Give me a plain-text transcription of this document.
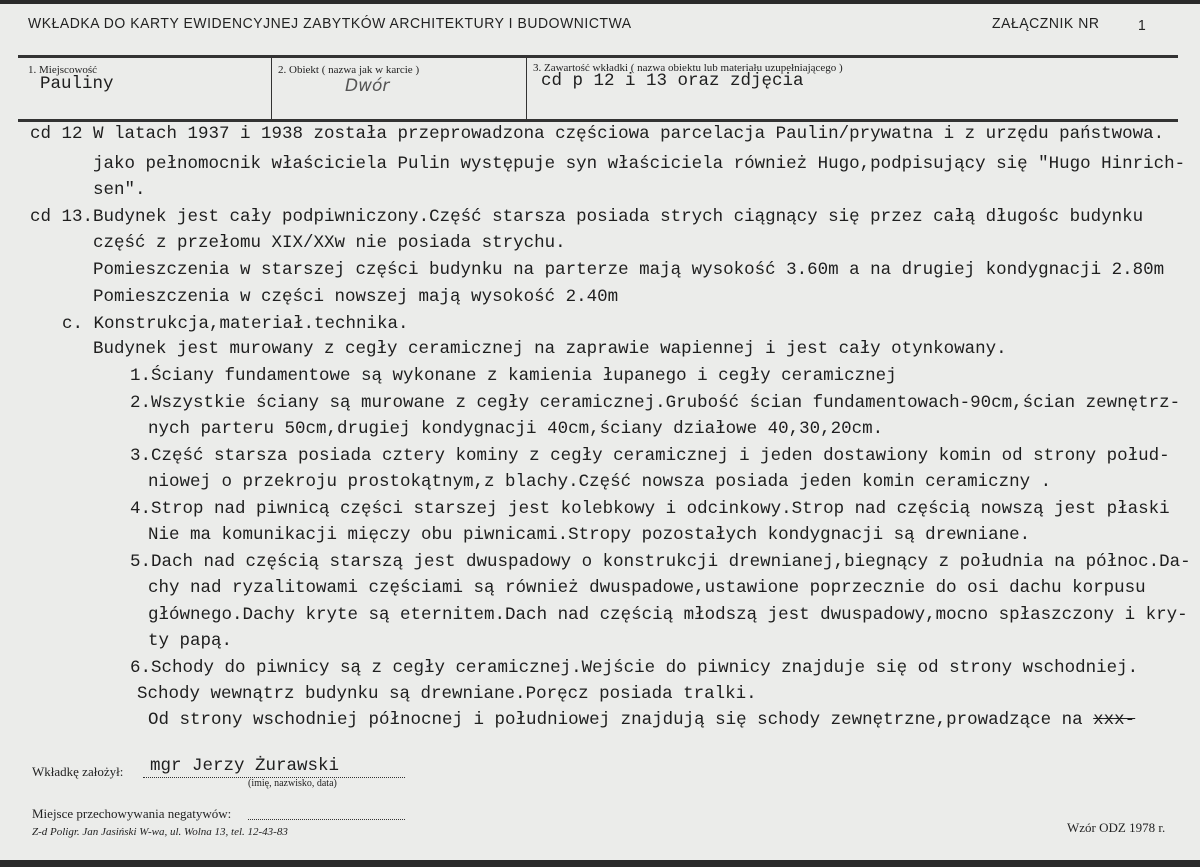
WKŁADKA DO KARTY EWIDENCYJNEJ ZABYTKÓW ARCHITEKTURY I BUDOWNICTWA	ZAŁĄCZNIK NR	1
1. Miejscowość
Pauliny
2. Obiekt ( nazwa jak w karcie )
Dwór
3. Zawartość wkładki ( nazwa obiektu lub materiału uzupełniającego )
cd p 12 i 13 oraz zdjęcia
cd 12 W latach 1937 i 1938 została przeprowadzona częściowa parcelacja Paulin/prywatna i z urzędu państwowa.
jako pełnomocnik właściciela Pulin występuje syn właściciela również Hugo,podpisujący się "Hugo Hinrich-
sen".
cd 13.Budynek jest cały podpiwniczony.Część starsza posiada strych ciągnący się przez całą długośc budynku
część z przełomu XIX/XXw nie posiada strychu.
Pomieszczenia w starszej części budynku na parterze mają wysokość 3.60m a na drugiej kondygnacji 2.80m
Pomieszczenia w części nowszej mają wysokość 2.40m
c. Konstrukcja,materiał.technika.
Budynek jest murowany z cegły ceramicznej na zaprawie wapiennej i jest cały otynkowany.
1.Ściany fundamentowe są wykonane z kamienia łupanego i cegły ceramicznej
2.Wszystkie ściany są murowane z cegły ceramicznej.Grubość ścian fundamentowach-90cm,ścian zewnętrz-
nych parteru 50cm,drugiej kondygnacji 40cm,ściany działowe 40,30,20cm.
3.Część starsza posiada cztery kominy z cegły ceramicznej i jeden dostawiony komin od strony połud-
niowej o przekroju prostokątnym,z blachy.Część nowsza posiada jeden komin ceramiczny .
4.Strop nad piwnicą części starszej jest kolebkowy i odcinkowy.Strop nad częścią nowszą jest płaski
Nie ma komunikacji mięczy obu piwnicami.Stropy pozostałych kondygnacji są drewniane.
5.Dach nad częścią starszą jest dwuspadowy o konstrukcji drewnianej,biegnący z południa na północ.Da-
chy nad ryzalitowami częściami są również dwuspadowe,ustawione poprzecznie do osi dachu korpusu
głównego.Dachy kryte są eternitem.Dach nad częścią młodszą jest dwuspadowy,mocno spłaszczony i kry-
ty papą.
6.Schody do piwnicy są z cegły ceramicznej.Wejście do piwnicy znajduje się od strony wschodniej.
Schody wewnątrz budynku są drewniane.Poręcz posiada tralki.
Od strony wschodniej północnej i południowej znajdują się schody zewnętrzne,prowadzące na xxx-
Wkładkę założył: mgr Jerzy Żurawski
(imię, nazwisko, data)
Miejsce przechowywania negatywów:
Z-d Poligr. Jan Jasiński W-wa, ul. Wolna 13, tel. 12-43-83	Wzór ODZ 1978 r.
